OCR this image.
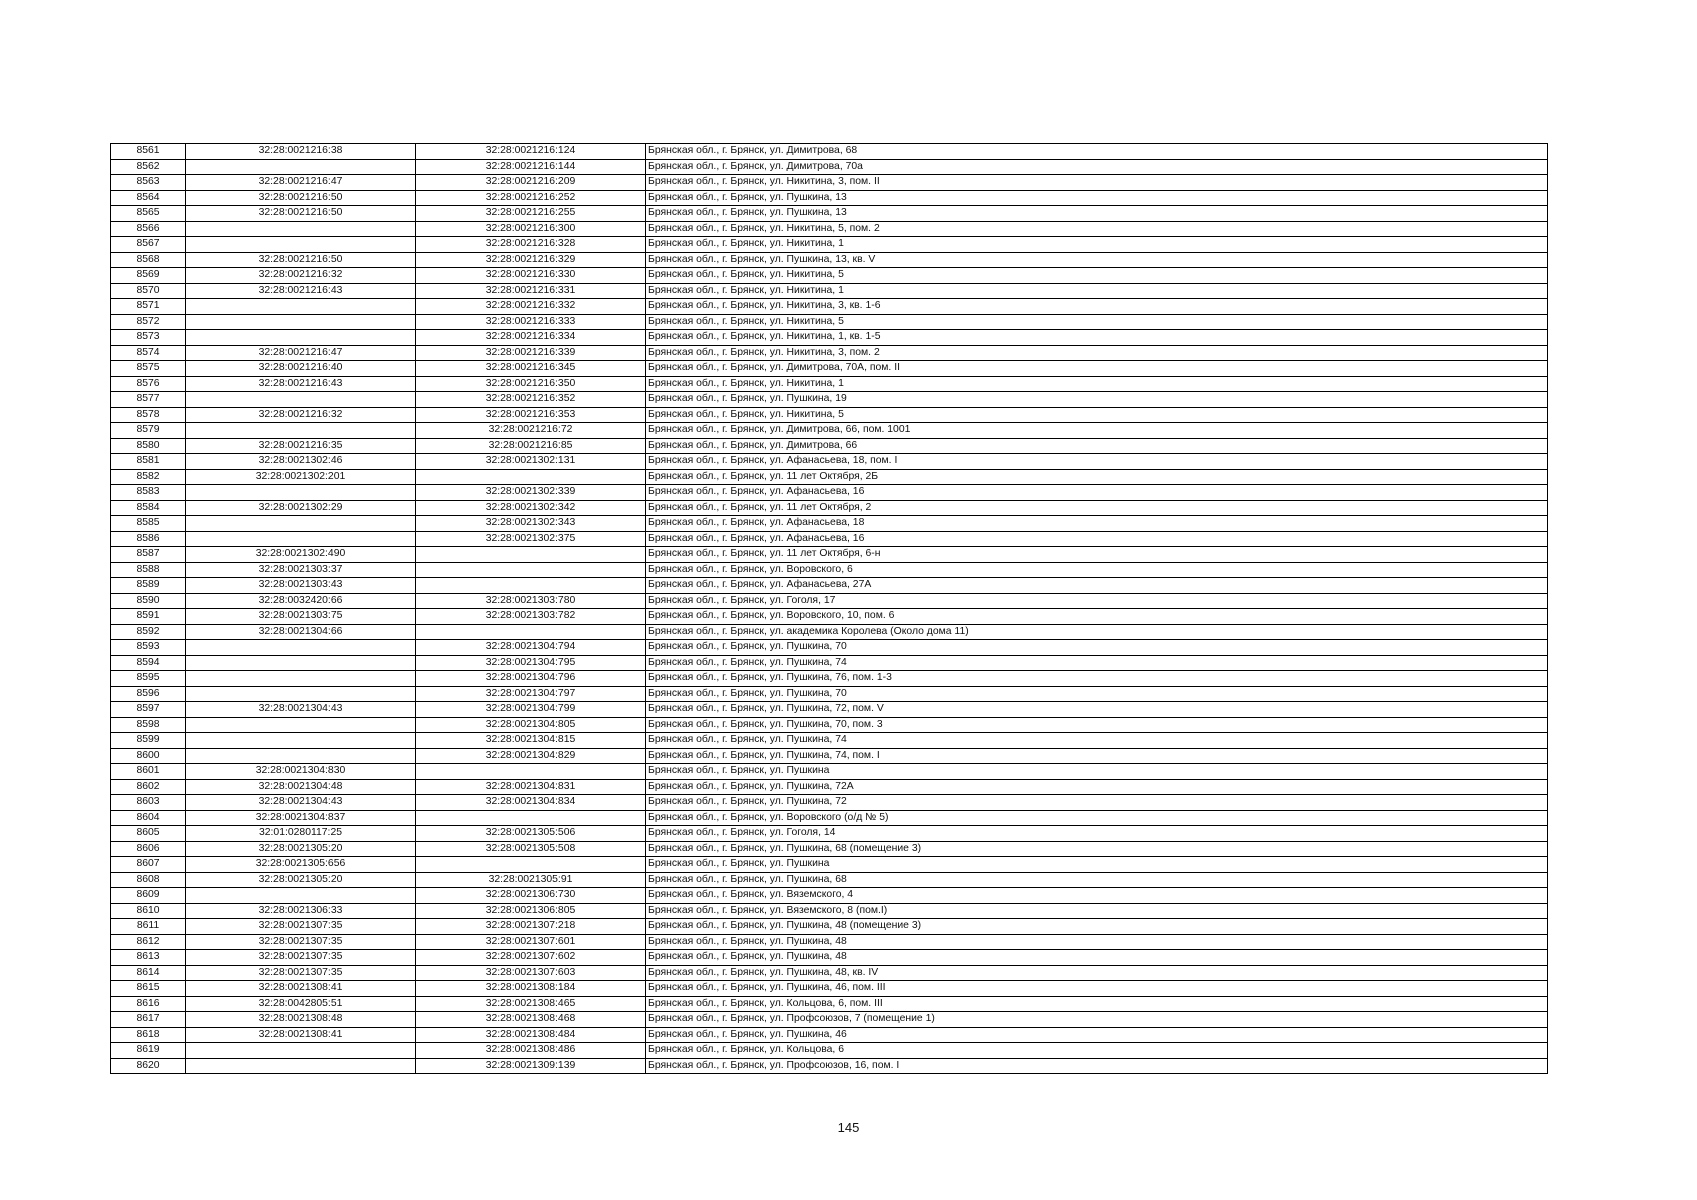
8561	32:28:0021216:38	32:28:0021216:124	Брянская обл., г. Брянск, ул. Димитрова, 68
8562		32:28:0021216:144	Брянская обл., г. Брянск, ул. Димитрова, 70а
8563	32:28:0021216:47	32:28:0021216:209	Брянская обл., г. Брянск, ул. Никитина, 3, пом. II
8564	32:28:0021216:50	32:28:0021216:252	Брянская обл., г. Брянск, ул. Пушкина, 13
8565	32:28:0021216:50	32:28:0021216:255	Брянская обл., г. Брянск, ул. Пушкина, 13
8566		32:28:0021216:300	Брянская обл., г. Брянск, ул. Никитина, 5, пом. 2
8567		32:28:0021216:328	Брянская обл., г. Брянск, ул. Никитина, 1
8568	32:28:0021216:50	32:28:0021216:329	Брянская обл., г. Брянск, ул. Пушкина, 13, кв. V
8569	32:28:0021216:32	32:28:0021216:330	Брянская обл., г. Брянск, ул. Никитина, 5
8570	32:28:0021216:43	32:28:0021216:331	Брянская обл., г. Брянск, ул. Никитина, 1
8571		32:28:0021216:332	Брянская обл., г. Брянск, ул. Никитина, 3, кв. 1-6
8572		32:28:0021216:333	Брянская обл., г. Брянск, ул. Никитина, 5
8573		32:28:0021216:334	Брянская обл., г. Брянск, ул. Никитина, 1, кв. 1-5
8574	32:28:0021216:47	32:28:0021216:339	Брянская обл., г. Брянск, ул. Никитина, 3, пом. 2
8575	32:28:0021216:40	32:28:0021216:345	Брянская обл., г. Брянск, ул. Димитрова, 70А, пом. II
8576	32:28:0021216:43	32:28:0021216:350	Брянская обл., г. Брянск, ул. Никитина, 1
8577		32:28:0021216:352	Брянская обл., г. Брянск, ул. Пушкина, 19
8578	32:28:0021216:32	32:28:0021216:353	Брянская обл., г. Брянск, ул. Никитина, 5
8579		32:28:0021216:72	Брянская обл., г. Брянск, ул. Димитрова, 66, пом. 1001
8580	32:28:0021216:35	32:28:0021216:85	Брянская обл., г. Брянск, ул. Димитрова, 66
8581	32:28:0021302:46	32:28:0021302:131	Брянская обл., г. Брянск, ул. Афанасьева, 18, пом. I
8582	32:28:0021302:201		Брянская обл., г. Брянск, ул. 11 лет Октября, 2Б
8583		32:28:0021302:339	Брянская обл., г. Брянск, ул. Афанасьева, 16
8584	32:28:0021302:29	32:28:0021302:342	Брянская обл., г. Брянск, ул. 11 лет Октября, 2
8585		32:28:0021302:343	Брянская обл., г. Брянск, ул. Афанасьева, 18
8586		32:28:0021302:375	Брянская обл., г. Брянск, ул. Афанасьева, 16
8587	32:28:0021302:490		Брянская обл., г. Брянск, ул. 11 лет Октября, 6-н
8588	32:28:0021303:37		Брянская обл., г. Брянск, ул. Воровского, 6
8589	32:28:0021303:43		Брянская обл., г. Брянск, ул. Афанасьева, 27А
8590	32:28:0032420:66	32:28:0021303:780	Брянская обл., г. Брянск, ул. Гоголя, 17
8591	32:28:0021303:75	32:28:0021303:782	Брянская обл., г. Брянск, ул. Воровского, 10, пом. 6
8592	32:28:0021304:66		Брянская обл., г. Брянск, ул. академика Королева (Около дома 11)
8593		32:28:0021304:794	Брянская обл., г. Брянск, ул. Пушкина, 70
8594		32:28:0021304:795	Брянская обл., г. Брянск, ул. Пушкина, 74
8595		32:28:0021304:796	Брянская обл., г. Брянск, ул. Пушкина, 76, пом. 1-3
8596		32:28:0021304:797	Брянская обл., г. Брянск, ул. Пушкина, 70
8597	32:28:0021304:43	32:28:0021304:799	Брянская обл., г. Брянск, ул. Пушкина, 72, пом. V
8598		32:28:0021304:805	Брянская обл., г. Брянск, ул. Пушкина, 70, пом. 3
8599		32:28:0021304:815	Брянская обл., г. Брянск, ул. Пушкина, 74
8600		32:28:0021304:829	Брянская обл., г. Брянск, ул. Пушкина, 74, пом. I
8601	32:28:0021304:830		Брянская обл., г. Брянск, ул. Пушкина
8602	32:28:0021304:48	32:28:0021304:831	Брянская обл., г. Брянск, ул. Пушкина, 72А
8603	32:28:0021304:43	32:28:0021304:834	Брянская обл., г. Брянск, ул. Пушкина, 72
8604	32:28:0021304:837		Брянская обл., г. Брянск, ул. Воровского (о/д № 5)
8605	32:01:0280117:25	32:28:0021305:506	Брянская обл., г. Брянск, ул. Гоголя, 14
8606	32:28:0021305:20	32:28:0021305:508	Брянская обл., г. Брянск, ул. Пушкина, 68 (помещение 3)
8607	32:28:0021305:656		Брянская обл., г. Брянск, ул. Пушкина
8608	32:28:0021305:20	32:28:0021305:91	Брянская обл., г. Брянск, ул. Пушкина, 68
8609		32:28:0021306:730	Брянская обл., г. Брянск, ул. Вяземского, 4
8610	32:28:0021306:33	32:28:0021306:805	Брянская обл., г. Брянск, ул. Вяземского, 8 (пом.I)
8611	32:28:0021307:35	32:28:0021307:218	Брянская обл., г. Брянск, ул. Пушкина, 48 (помещение 3)
8612	32:28:0021307:35	32:28:0021307:601	Брянская обл., г. Брянск, ул. Пушкина, 48
8613	32:28:0021307:35	32:28:0021307:602	Брянская обл., г. Брянск, ул. Пушкина, 48
8614	32:28:0021307:35	32:28:0021307:603	Брянская обл., г. Брянск, ул. Пушкина, 48, кв. IV
8615	32:28:0021308:41	32:28:0021308:184	Брянская обл., г. Брянск, ул. Пушкина, 46, пом. III
8616	32:28:0042805:51	32:28:0021308:465	Брянская обл., г. Брянск, ул. Кольцова, 6, пом. III
8617	32:28:0021308:48	32:28:0021308:468	Брянская обл., г. Брянск, ул. Профсоюзов, 7 (помещение 1)
8618	32:28:0021308:41	32:28:0021308:484	Брянская обл., г. Брянск, ул. Пушкина, 46
8619		32:28:0021308:486	Брянская обл., г. Брянск, ул. Кольцова, 6
8620		32:28:0021309:139	Брянская обл., г. Брянск, ул. Профсоюзов, 16, пом. I
145
